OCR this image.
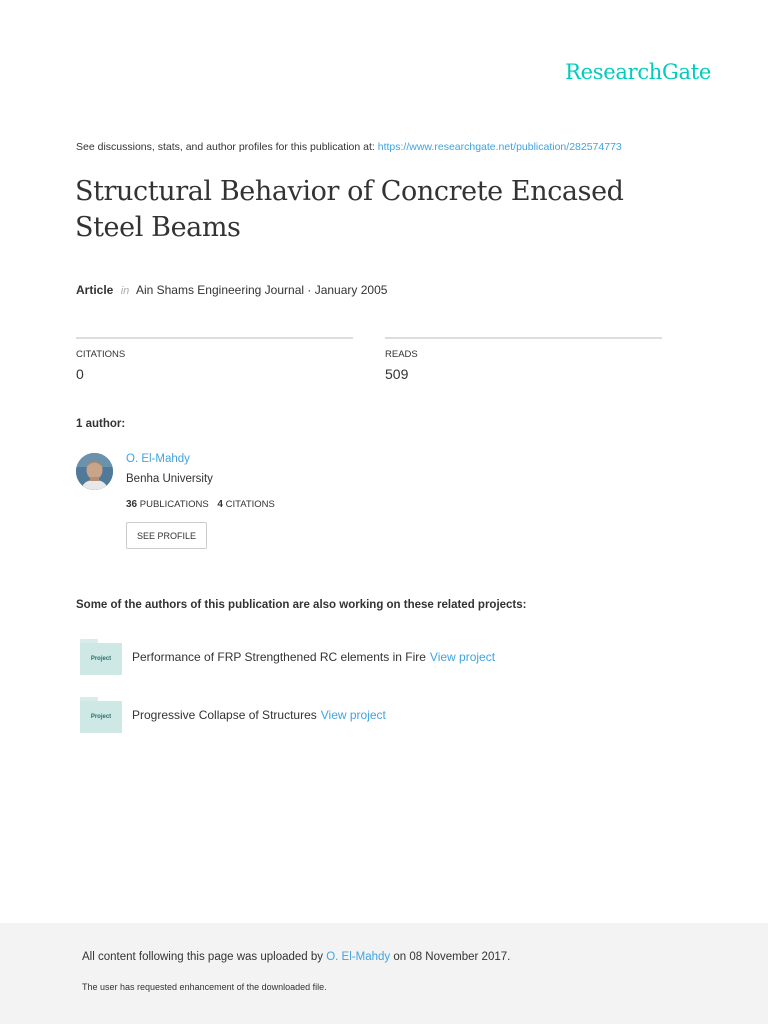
ResearchGate
See discussions, stats, and author profiles for this publication at: https://www.researchgate.net/publication/282574773
Structural Behavior of Concrete Encased Steel Beams
Article in Ain Shams Engineering Journal · January 2005
CITATIONS
0
READS
509
1 author:
O. El-Mahdy
Benha University
36 PUBLICATIONS 4 CITATIONS
SEE PROFILE
Some of the authors of this publication are also working on these related projects:
Project	Performance of FRP Strengthened RC elements in Fire View project
Project	Progressive Collapse of Structures View project
All content following this page was uploaded by O. El-Mahdy on 08 November 2017.
The user has requested enhancement of the downloaded file.
